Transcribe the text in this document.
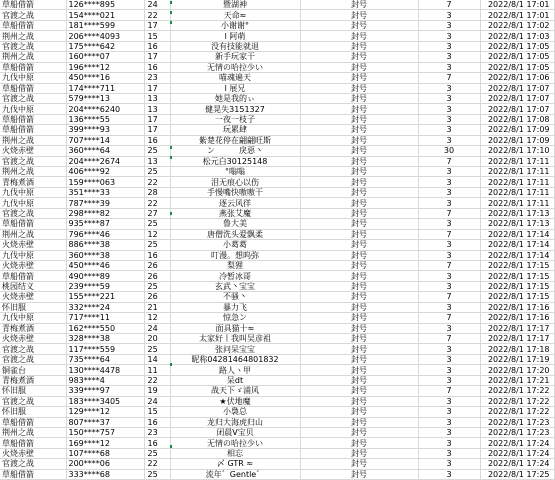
草船借箭	126****895	24	暨湖神	封号	7	2022/8/1 17:01
官渡之战	154****021	22	天命≈	封号	3	2022/8/1 17:01
草船借箭	181****599	17	小谢谢°	封号	3	2022/8/1 17:02
荆州之战	206****4093	15	l 阿萌	封号	3	2022/8/1 17:03
官渡之战	175****642	16	没有技能就退	封号	3	2022/8/1 17:05
荆州之战	160****07	17	新手玩家干	封号	3	2022/8/1 17:05
草船借箭	196****12	16	无情の哈拉少い	封号	3	2022/8/1 17:05
九伐中原	450****16	23	喵魂遍天	封号	7	2022/8/1 17:06
草船借箭	174****711	17	l 展兄	封号	3	2022/8/1 17:07
官渡之战	579****13	13	她是我的ぃ	封号	3	2022/8/1 17:07
九伐中原	204****6240	13	健晃失3151327	封号	3	2022/8/1 17:07
草船借箭	136****55	17	一夜一枝子	封号	3	2022/8/1 17:08
草船借箭	399****93	17	玩累肆	封号	3	2022/8/1 17:09
荆州之战	707****14	16	紫楚花停在翩翩旺斯	封号	3	2022/8/1 17:09
火烧赤壁	360****64	25	ン　　　戾惡丶	封号	30	2022/8/1 17:10
官渡之战	204****2674	13	松元白30125148	封号	7	2022/8/1 17:11
荆州之战	406****92	25	°嗡嗡	封号	3	2022/8/1 17:11
青梅煮酒	159****063	22	泪无痕心以伤	封号	3	2022/8/1 17:11
九伐中原	351****33	28	手慢嘴快嗷嗷干	封号	3	2022/8/1 17:11
九伐中原	787****39	22	逐云风徉	封号	3	2022/8/1 17:11
官渡之战	298****82	27	燕张艾魔	封号	7	2022/8/1 17:13
草船借箭	935****87	25	鲁大美	封号	3	2022/8/1 17:13
荆州之战	796****46	12	唐僧洗头爱飘柔	封号	7	2022/8/1 17:14
火烧赤壁	886****38	25	小葛葛	封号	3	2022/8/1 17:14
九伐中原	360****38	16	叮漫。想呜弥	封号	3	2022/8/1 17:14
火烧赤壁	450****46	26	梨狸	封号	7	2022/8/1 17:15
草船借箭	490****89	26	冷暂冰哥	封号	3	2022/8/1 17:15
桃园结义	239****59	25	玄武丶宝宝	封号	3	2022/8/1 17:15
火烧赤壁	155****221	26	不骚丶	封号	7	2022/8/1 17:15
怀旧服	332****24	21	暴力飞	封号	3	2022/8/1 17:16
九伐中原	717****11	12	惊急ン	封号	7	2022/8/1 17:16
青梅煮酒	162****550	24	面具猫十≈	封号	3	2022/8/1 17:17
火烧赤壁	328****38	20	太家好丨我叫吴彦祖	封号	7	2022/8/1 17:17
官渡之战	117****559	25	张问呆宝宝	封号	3	2022/8/1 17:18
官渡之战	735****64	14	昵称04281464801832	封号	3	2022/8/1 17:19
铜雀台	130****4478	11	路人ヽ甲	封号	3	2022/8/1 17:20
青梅煮酒	983****4	22	呆dt	封号	3	2022/8/1 17:21
怀旧服	339****97	19	战天下ゞ浦风	封号	7	2022/8/1 17:22
官渡之战	183****3405	24	★伏地魔	封号	3	2022/8/1 17:22
怀旧服	129****12	15	小裊总	封号	3	2022/8/1 17:22
草船借箭	807****37	16	龙归大海虎归山	封号	3	2022/8/1 17:23
荆州之战	150****757	23	闭晨V宝贝	封号	3	2022/8/1 17:23
草船借箭	169****12	16	无情の哈拉少い	封号	3	2022/8/1 17:24
火烧赤壁	107****68	25	相忘	封号	3	2022/8/1 17:24
官渡之战	200****06	22	〆 GTR ≈	封号	3	2022/8/1 17:24
草船借箭	333****68	25	流年゛Gentle゛	封号	3	2022/8/1 17:25
